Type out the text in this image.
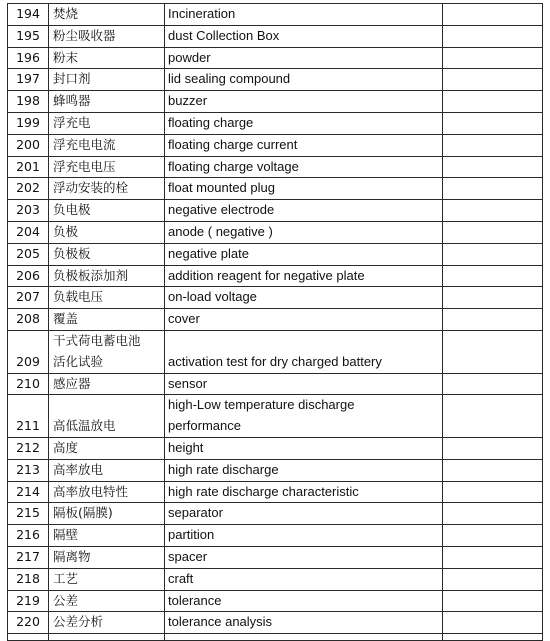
194	焚烧	Incineration	

195	粉尘吸收器	dust Collection Box	

196	粉末	powder	

197	封口剂	lid sealing compound	

198	蜂鸣器	buzzer	

199	浮充电	floating charge	

200	浮充电电流	floating charge current	

201	浮充电电压	floating charge voltage	

202	浮动安装的栓	float mounted plug	

203	负电极	negative electrode	

204	负极	anode ( negative )	

205	负极板	negative plate	

206	负极板添加剂	addition reagent for negative plate	

207	负载电压	on-load voltage	

208	覆盖	cover	

209	干式荷电蓄电池
活化试验	activation test for dry charged battery	

210	感应器	sensor	

211	高低温放电	high-Low temperature discharge
performance	

212	高度	height	

213	高率放电	high rate discharge	

214	高率放电特性	high rate discharge characteristic	

215	隔板(隔膜)	separator	

216	隔壁	partition	

217	隔离物	spacer	

218	工艺	craft	

219	公差	tolerance	

220	公差分析	tolerance analysis	
